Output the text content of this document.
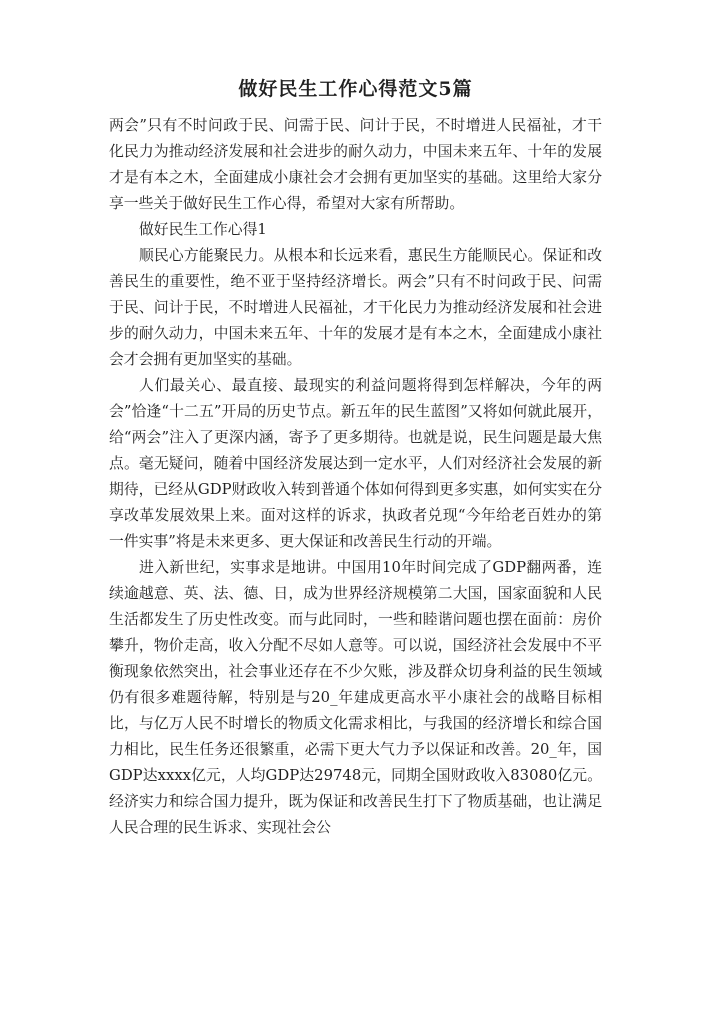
做好民生工作心得范文5篇

两会”只有不时问政于民、问需于民、问计于民，不时增进人民福祉，才干化民力为推动经济发展和社会进步的耐久动力，中国未来五年、十年的发展才是有本之木，全面建成小康社会才会拥有更加坚实的基础。这里给大家分享一些关于做好民生工作心得，希望对大家有所帮助。

做好民生工作心得1

顺民心方能聚民力。从根本和长远来看，惠民生方能顺民心。保证和改善民生的重要性，绝不亚于坚持经济增长。两会”只有不时问政于民、问需于民、问计于民，不时增进人民福祉，才干化民力为推动经济发展和社会进步的耐久动力，中国未来五年、十年的发展才是有本之木，全面建成小康社会才会拥有更加坚实的基础。

人们最关心、最直接、最现实的利益问题将得到怎样解决，今年的两会”恰逢“十二五”开局的历史节点。新五年的民生蓝图”又将如何就此展开，给“两会”注入了更深内涵，寄予了更多期待。也就是说，民生问题是最大焦点。毫无疑问，随着中国经济发展达到一定水平，人们对经济社会发展的新期待，已经从GDP财政收入转到普通个体如何得到更多实惠，如何实实在分享改革发展效果上来。面对这样的诉求，执政者兑现“今年给老百姓办的第一件实事”将是未来更多、更大保证和改善民生行动的开端。

进入新世纪，实事求是地讲。中国用10年时间完成了GDP翻两番，连续逾越意、英、法、德、日，成为世界经济规模第二大国，国家面貌和人民生活都发生了历史性改变。而与此同时，一些和睦谐问题也摆在面前：房价攀升，物价走高，收入分配不尽如人意等。可以说，国经济社会发展中不平衡现象依然突出，社会事业还存在不少欠账，涉及群众切身利益的民生领域仍有很多难题待解，特别是与20_年建成更高水平小康社会的战略目标相比，与亿万人民不时增长的物质文化需求相比，与我国的经济增长和综合国力相比，民生任务还很繁重，必需下更大气力予以保证和改善。20_年，国GDP达xxxx亿元，人均GDP达29748元，同期全国财政收入83080亿元。经济实力和综合国力提升，既为保证和改善民生打下了物质基础，也让满足人民合理的民生诉求、实现社会公
